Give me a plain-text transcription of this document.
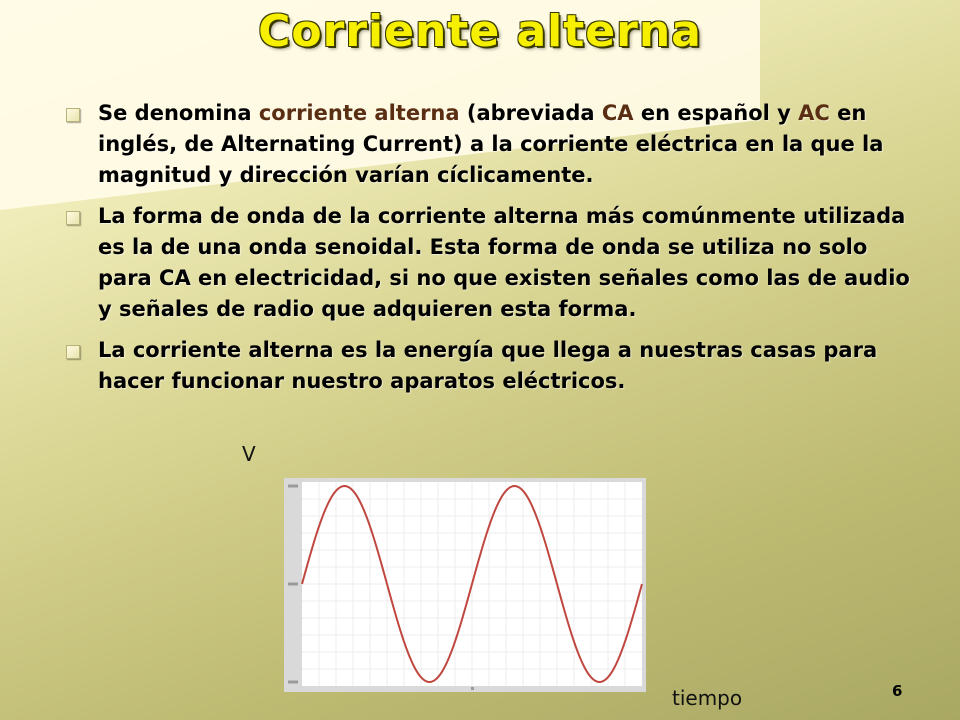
Corriente alterna
Se denomina corriente alterna (abreviada CA en español y AC en inglés, de Alternating Current) a la corriente eléctrica en la que la magnitud y dirección varían cíclicamente.
La forma de onda de la corriente alterna más comúnmente utilizada es la de una onda senoidal. Esta forma de onda se utiliza no solo para CA en electricidad, si no que existen señales como las de audio y señales de radio que adquieren esta forma.
La corriente alterna es la energía que llega a nuestras casas para hacer funcionar nuestro aparatos eléctricos.
V
tiempo	6
